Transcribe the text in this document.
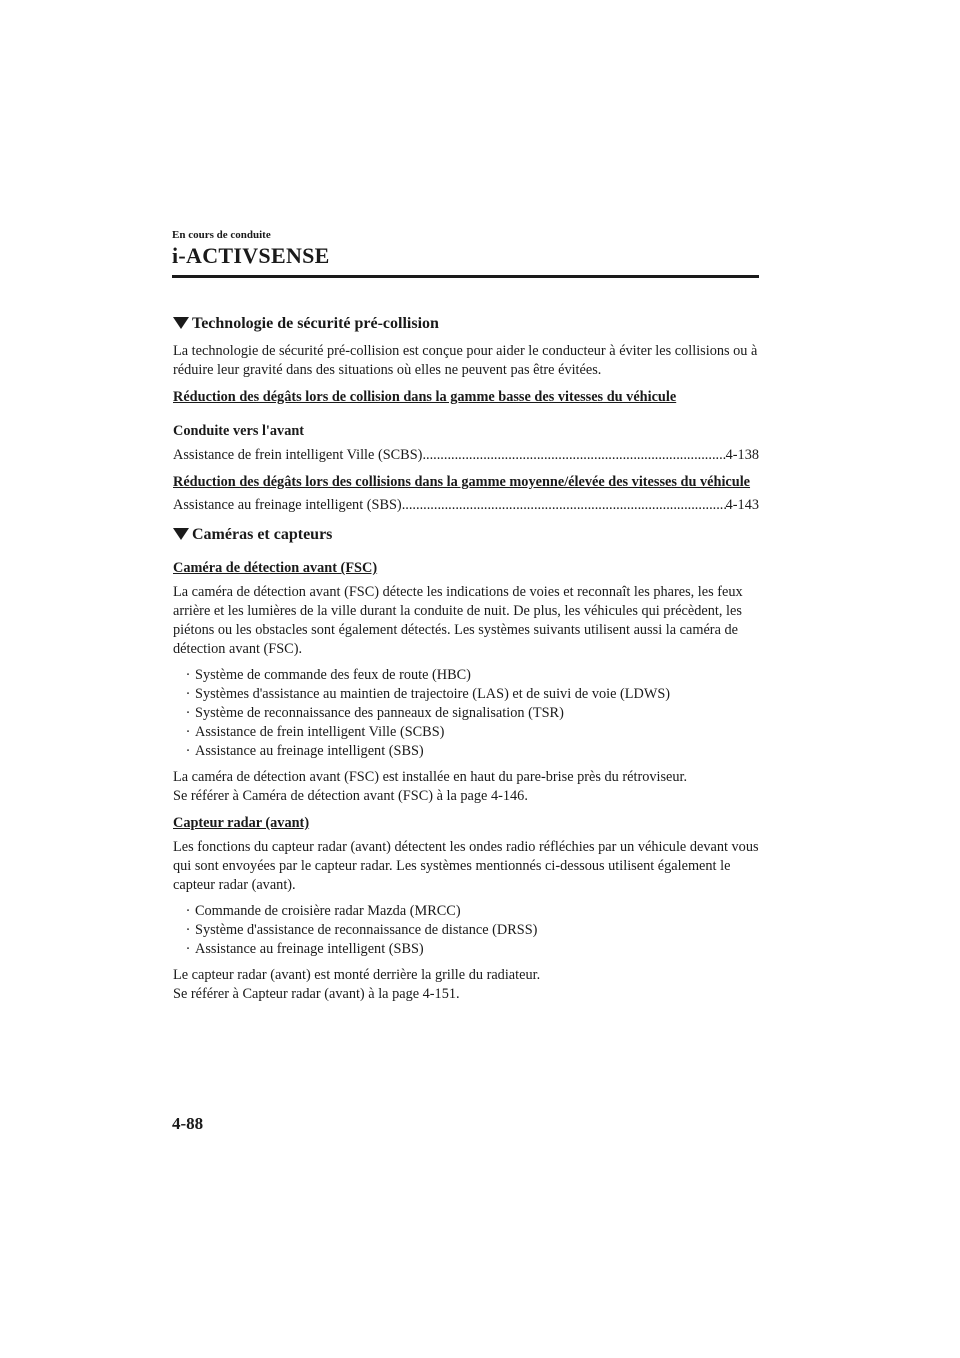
En cours de conduite
i-ACTIVSENSE
Technologie de sécurité pré-collision

La technologie de sécurité pré-collision est conçue pour aider le conducteur à éviter les collisions ou à réduire leur gravité dans des situations où elles ne peuvent pas être évitées.

Réduction des dégâts lors de collision dans la gamme basse des vitesses du véhicule

Conduite vers l'avant

Assistance de frein intelligent Ville (SCBS) .....	4-138

Réduction des dégâts lors des collisions dans la gamme moyenne/élevée des vitesses du véhicule

Assistance au freinage intelligent (SBS) .....	4-143
Caméras et capteurs

Caméra de détection avant (FSC)

La caméra de détection avant (FSC) détecte les indications de voies et reconnaît les phares, les feux arrière et les lumières de la ville durant la conduite de nuit. De plus, les véhicules qui précèdent, les piétons ou les obstacles sont également détectés. Les systèmes suivants utilisent aussi la caméra de détection avant (FSC).

· Système de commande des feux de route (HBC)
· Systèmes d'assistance au maintien de trajectoire (LAS) et de suivi de voie (LDWS)
· Système de reconnaissance des panneaux de signalisation (TSR)
· Assistance de frein intelligent Ville (SCBS)
· Assistance au freinage intelligent (SBS)

La caméra de détection avant (FSC) est installée en haut du pare-brise près du rétroviseur.

Se référer à Caméra de détection avant (FSC) à la page 4-146.

Capteur radar (avant)

Les fonctions du capteur radar (avant) détectent les ondes radio réfléchies par un véhicule devant vous qui sont envoyées par le capteur radar. Les systèmes mentionnés ci-dessous utilisent également le capteur radar (avant).

· Commande de croisière radar Mazda (MRCC)
· Système d'assistance de reconnaissance de distance (DRSS)
· Assistance au freinage intelligent (SBS)

Le capteur radar (avant) est monté derrière la grille du radiateur.

Se référer à Capteur radar (avant) à la page 4-151.

4-88
